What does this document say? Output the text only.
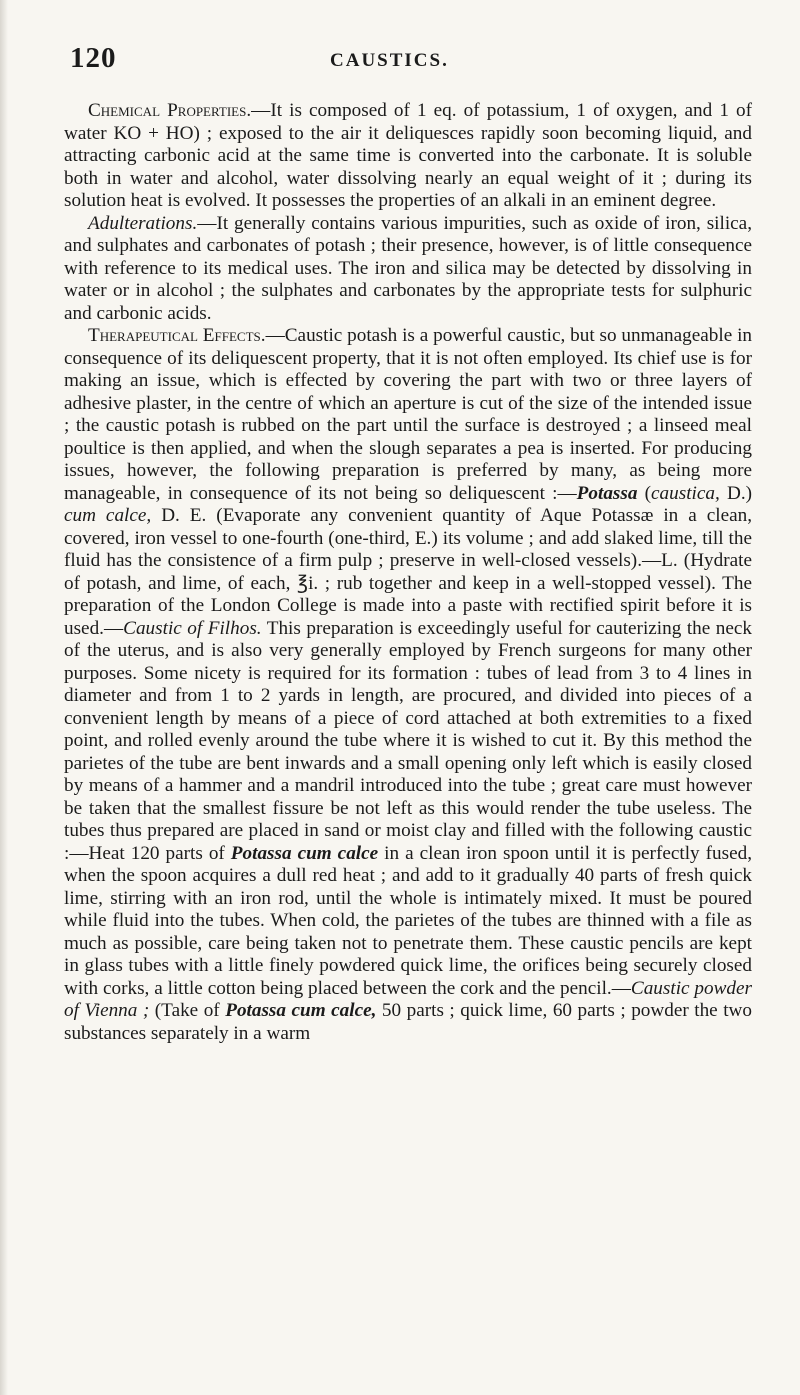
120	CAUSTICS.

Chemical Properties.—It is composed of 1 eq. of potassium, 1 of oxygen, and 1 of water KO + HO) ; exposed to the air it deliquesces rapidly soon becoming liquid, and attracting carbonic acid at the same time is converted into the carbonate. It is soluble both in water and alcohol, water dissolving nearly an equal weight of it ; during its solution heat is evolved. It possesses the properties of an alkali in an eminent degree.

Adulterations.—It generally contains various impurities, such as oxide of iron, silica, and sulphates and carbonates of potash ; their presence, however, is of little consequence with reference to its medical uses. The iron and silica may be detected by dissolving in water or in alcohol ; the sulphates and carbonates by the appropriate tests for sulphuric and carbonic acids.

Therapeutical Effects.—Caustic potash is a powerful caustic, but so unmanageable in consequence of its deliquescent property, that it is not often employed. Its chief use is for making an issue, which is effected by covering the part with two or three layers of adhesive plaster, in the centre of which an aperture is cut of the size of the intended issue ; the caustic potash is rubbed on the part until the surface is destroyed ; a linseed meal poultice is then applied, and when the slough separates a pea is inserted. For producing issues, however, the following preparation is preferred by many, as being more manageable, in consequence of its not being so deliquescent :—Potassa (caustica, D.) cum calce, D. E. (Evaporate any convenient quantity of Aque Potassæ in a clean, covered, iron vessel to one-fourth (one-third, E.) its volume ; and add slaked lime, till the fluid has the consistence of a firm pulp ; preserve in well-closed vessels).—L. (Hydrate of potash, and lime, of each, ℥i. ; rub together and keep in a well-stopped vessel). The preparation of the London College is made into a paste with rectified spirit before it is used.—Caustic of Filhos. This preparation is exceedingly useful for cauterizing the neck of the uterus, and is also very generally employed by French surgeons for many other purposes. Some nicety is required for its formation : tubes of lead from 3 to 4 lines in diameter and from 1 to 2 yards in length, are procured, and divided into pieces of a convenient length by means of a piece of cord attached at both extremities to a fixed point, and rolled evenly around the tube where it is wished to cut it. By this method the parietes of the tube are bent inwards and a small opening only left which is easily closed by means of a hammer and a mandril introduced into the tube ; great care must however be taken that the smallest fissure be not left as this would render the tube useless. The tubes thus prepared are placed in sand or moist clay and filled with the following caustic :—Heat 120 parts of Potassa cum calce in a clean iron spoon until it is perfectly fused, when the spoon acquires a dull red heat ; and add to it gradually 40 parts of fresh quick lime, stirring with an iron rod, until the whole is intimately mixed. It must be poured while fluid into the tubes. When cold, the parietes of the tubes are thinned with a file as much as possible, care being taken not to penetrate them. These caustic pencils are kept in glass tubes with a little finely powdered quick lime, the orifices being securely closed with corks, a little cotton being placed between the cork and the pencil.—Caustic powder of Vienna ; (Take of Potassa cum calce, 50 parts ; quick lime, 60 parts ; powder the two substances separately in a warm
